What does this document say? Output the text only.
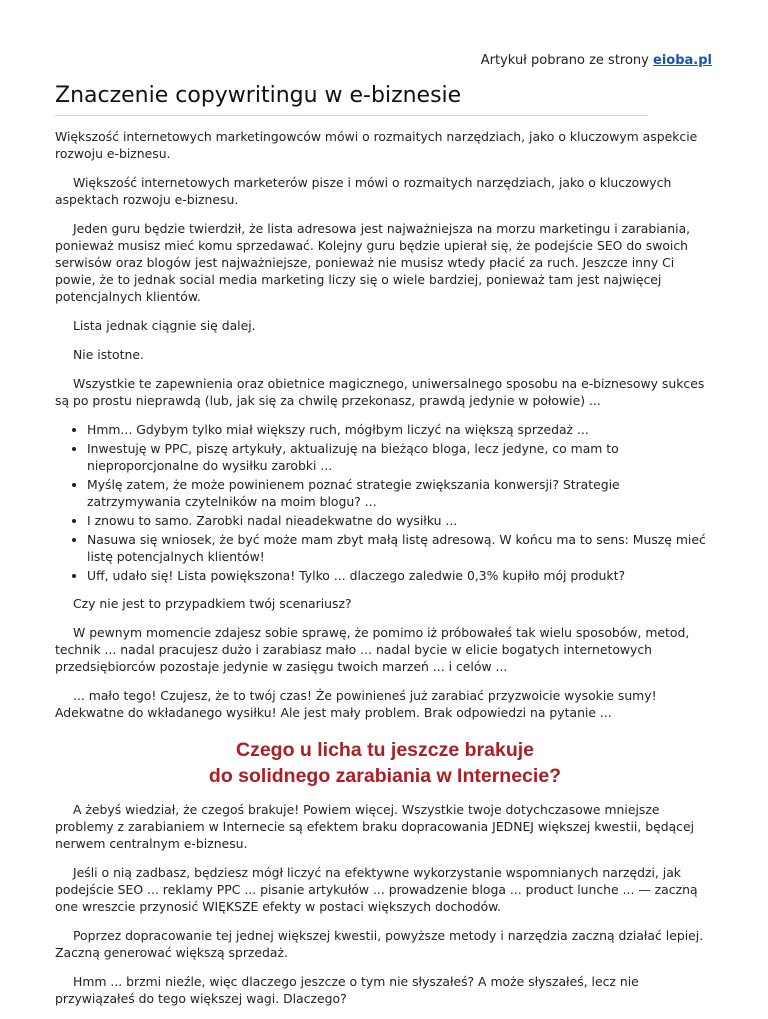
Artykuł pobrano ze strony eioba.pl
Znaczenie copywritingu w e-biznesie

Większość internetowych marketingowców mówi o rozmaitych narzędziach, jako o kluczowym aspekcie rozwoju e-biznesu.

Większość internetowych marketerów pisze i mówi o rozmaitych narzędziach, jako o kluczowych aspektach rozwoju e-biznesu.

Jeden guru będzie twierdził, że lista adresowa jest najważniejsza na morzu marketingu i zarabiania, ponieważ musisz mieć komu sprzedawać. Kolejny guru będzie upierał się, że podejście SEO do swoich serwisów oraz blogów jest najważniejsze, ponieważ nie musisz wtedy płacić za ruch. Jeszcze inny Ci powie, że to jednak social media marketing liczy się o wiele bardziej, ponieważ tam jest najwięcej potencjalnych klientów.

Lista jednak ciągnie się dalej.

Nie istotne.

Wszystkie te zapewnienia oraz obietnice magicznego, uniwersalnego sposobu na e-biznesowy sukces są po prostu nieprawdą (lub, jak się za chwilę przekonasz, prawdą jedynie w połowie) ...

• Hmm... Gdybym tylko miał większy ruch, mógłbym liczyć na większą sprzedaż ...
• Inwestuję w PPC, piszę artykuły, aktualizuję na bieżąco bloga, lecz jedyne, co mam to nieproporcjonalne do wysiłku zarobki ...
• Myślę zatem, że może powinienem poznać strategie zwiększania konwersji? Strategie zatrzymywania czytelników na moim blogu? ...
• I znowu to samo. Zarobki nadal nieadekwatne do wysiłku ...
• Nasuwa się wniosek, że być może mam zbyt małą listę adresową. W końcu ma to sens: Muszę mieć listę potencjalnych klientów!
• Uff, udało się! Lista powiększona! Tylko ... dlaczego zaledwie 0,3% kupiło mój produkt?

Czy nie jest to przypadkiem twój scenariusz?

W pewnym momencie zdajesz sobie sprawę, że pomimo iż próbowałeś tak wielu sposobów, metod, technik ... nadal pracujesz dużo i zarabiasz mało ... nadal bycie w elicie bogatych internetowych przedsiębiorców pozostaje jedynie w zasięgu twoich marzeń ... i celów ...

... mało tego! Czujesz, że to twój czas! Że powinieneś już zarabiać przyzwoicie wysokie sumy! Adekwatne do wkładanego wysiłku! Ale jest mały problem. Brak odpowiedzi na pytanie ...

Czego u licha tu jeszcze brakuje
do solidnego zarabiania w Internecie?

A żebyś wiedział, że czegoś brakuje! Powiem więcej. Wszystkie twoje dotychczasowe mniejsze problemy z zarabianiem w Internecie są efektem braku dopracowania JEDNEJ większej kwestii, będącej nerwem centralnym e-biznesu.

Jeśli o nią zadbasz, będziesz mógł liczyć na efektywne wykorzystanie wspomnianych narzędzi, jak podejście SEO ... reklamy PPC ... pisanie artykułów ... prowadzenie bloga ... product lunche ... — zaczną one wreszcie przynosić WIĘKSZE efekty w postaci większych dochodów.

Poprzez dopracowanie tej jednej większej kwestii, powyższe metody i narzędzia zaczną działać lepiej. Zaczną generować większą sprzedaż.

Hmm ... brzmi nieźle, więc dlaczego jeszcze o tym nie słyszałeś? A może słyszałeś, lecz nie przywiązałeś do tego większej wagi. Dlaczego?
